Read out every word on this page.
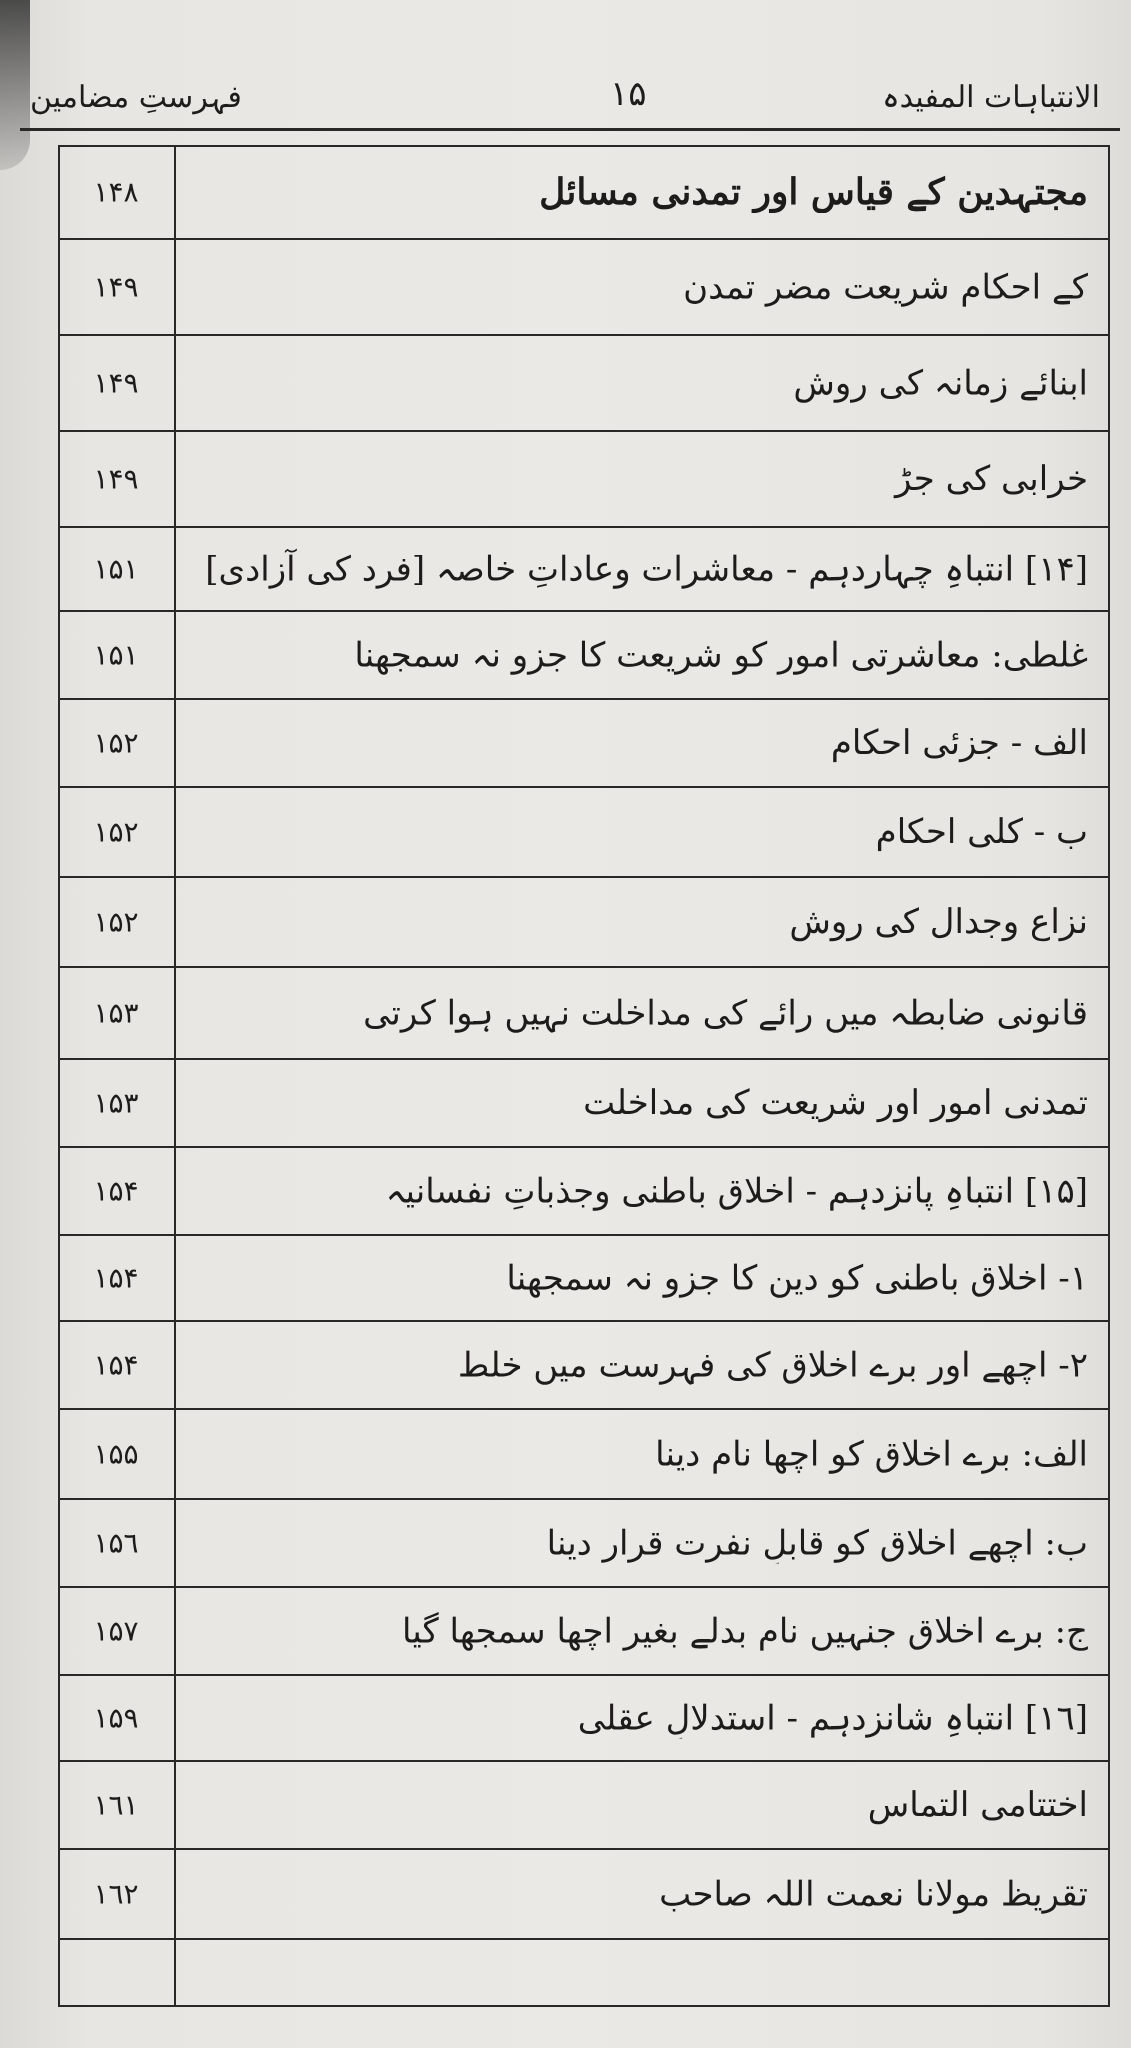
الانتباہات المفیدہ
١۵
فہرستِ مضامین
١۴٨	مجتہدین کے قیاس اور تمدنی مسائل
١۴٩	کے احکام شریعت مضر تمدن
١۴٩	ابنائے زمانہ کی روش
١۴٩	خرابی کی جڑ
١۵١	[١۴] انتباہِ چہاردہم - معاشرات وعاداتِ خاصہ [فرد کی آزادی]
١۵١	غلطی: معاشرتی امور کو شریعت کا جزو نہ سمجھنا
١۵٢	الف - جزئی احکام
١۵٢	ب - کلی احکام
١۵٢	نزاع وجدال کی روش
١۵٣	قانونی ضابطہ میں رائے کی مداخلت نہیں ہوا کرتی
١۵٣	تمدنی امور اور شریعت کی مداخلت
١۵۴	[١۵] انتباہِ پانزدہم - اخلاقِ باطنی وجذباتِ نفسانیہ
١۵۴	١- اخلاقِ باطنی کو دین کا جزو نہ سمجھنا
١۵۴	٢- اچھے اور برے اخلاق کی فہرست میں خلط
١۵۵	الف: برے اخلاق کو اچھا نام دینا
١۵٦	ب: اچھے اخلاق کو قابلِ نفرت قرار دینا
١۵٧	ج: برے اخلاق جنہیں نام بدلے بغیر اچھا سمجھا گیا
١۵٩	[١٦] انتباہِ شانزدہم - استدلالِ عقلی
١٦١	اختتامی التماس
١٦٢	تقریظ مولانا نعمت اللہ صاحب
